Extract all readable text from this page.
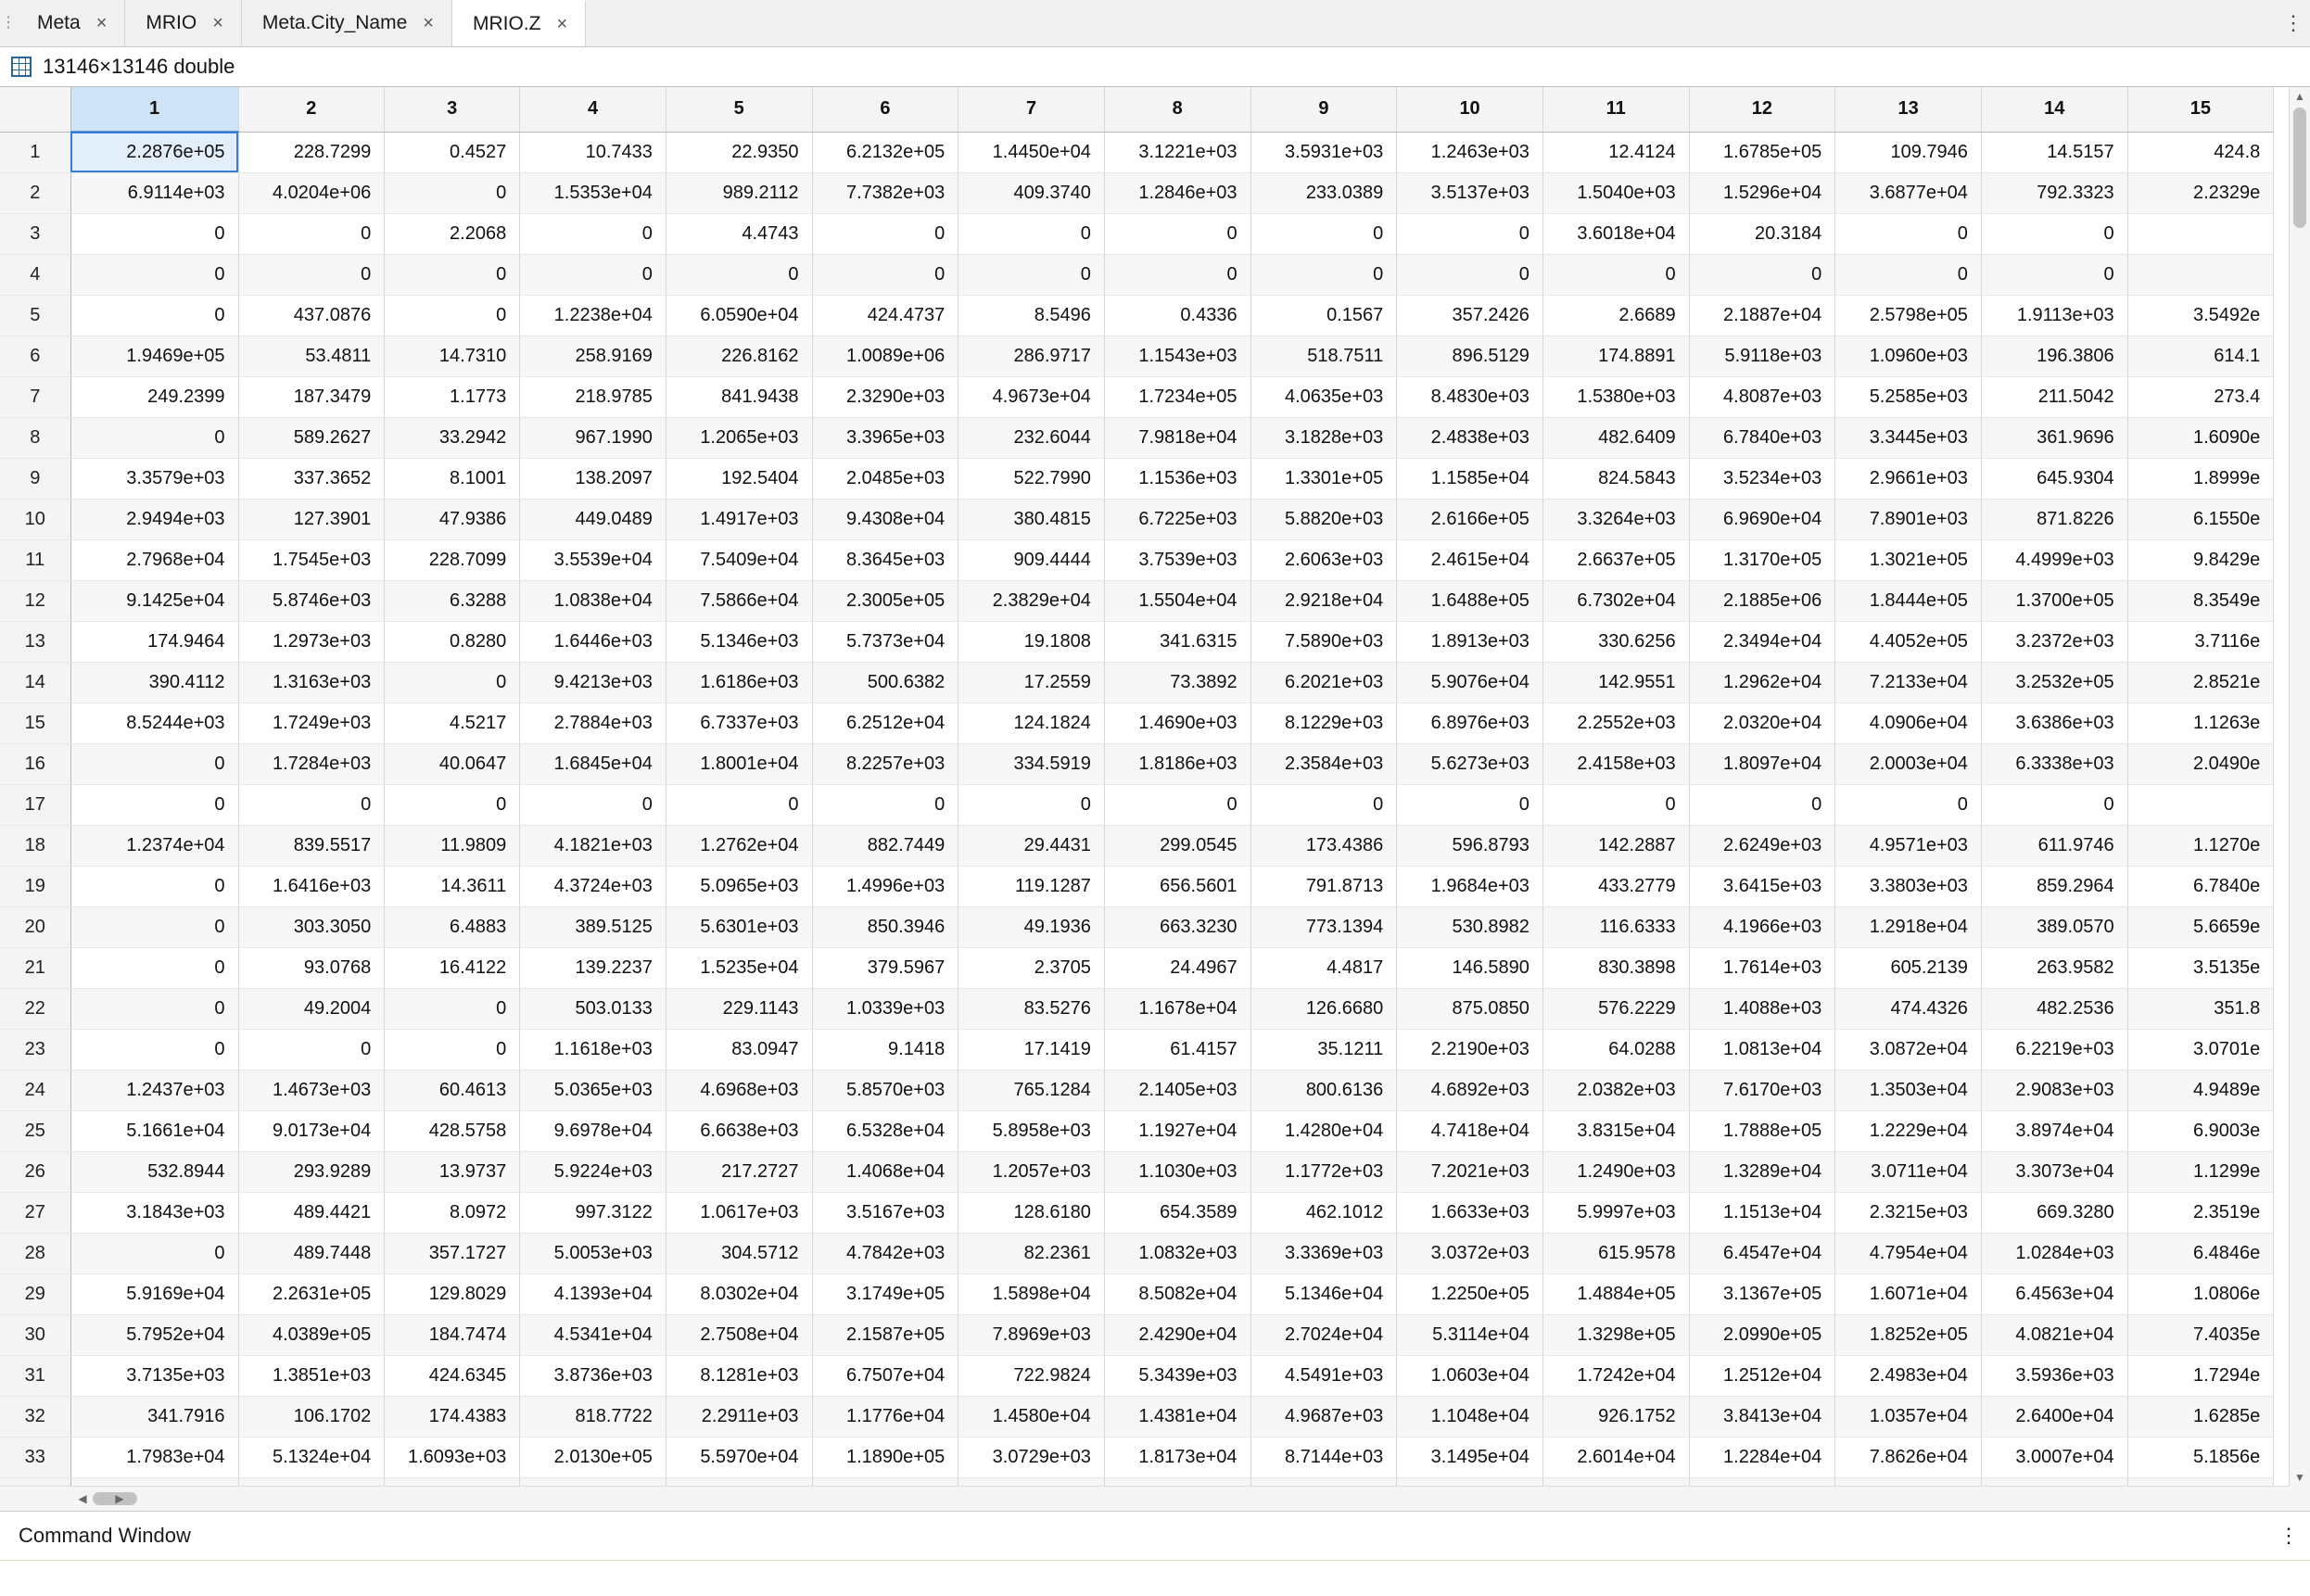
⋮ Meta × MRIO × Meta.City_Name × MRIO.Z ×
⋮
13146×13146 double
	1	2	3	4	5	6	7	8	9	10	11	12	13	14	15
1	2.2876e+05	228.7299	0.4527	10.7433	22.9350	6.2132e+05	1.4450e+04	3.1221e+03	3.5931e+03	1.2463e+03	12.4124	1.6785e+05	109.7946	14.5157	424.8
2	6.9114e+03	4.0204e+06	0	1.5353e+04	989.2112	7.7382e+03	409.3740	1.2846e+03	233.0389	3.5137e+03	1.5040e+03	1.5296e+04	3.6877e+04	792.3323	2.2329e
3	0	0	2.2068	0	4.4743	0	0	0	0	0	3.6018e+04	20.3184	0	0	
4	0	0	0	0	0	0	0	0	0	0	0	0	0	0	
5	0	437.0876	0	1.2238e+04	6.0590e+04	424.4737	8.5496	0.4336	0.1567	357.2426	2.6689	2.1887e+04	2.5798e+05	1.9113e+03	3.5492e
6	1.9469e+05	53.4811	14.7310	258.9169	226.8162	1.0089e+06	286.9717	1.1543e+03	518.7511	896.5129	174.8891	5.9118e+03	1.0960e+03	196.3806	614.1
7	249.2399	187.3479	1.1773	218.9785	841.9438	2.3290e+03	4.9673e+04	1.7234e+05	4.0635e+03	8.4830e+03	1.5380e+03	4.8087e+03	5.2585e+03	211.5042	273.4
8	0	589.2627	33.2942	967.1990	1.2065e+03	3.3965e+03	232.6044	7.9818e+04	3.1828e+03	2.4838e+03	482.6409	6.7840e+03	3.3445e+03	361.9696	1.6090e
9	3.3579e+03	337.3652	8.1001	138.2097	192.5404	2.0485e+03	522.7990	1.1536e+03	1.3301e+05	1.1585e+04	824.5843	3.5234e+03	2.9661e+03	645.9304	1.8999e
10	2.9494e+03	127.3901	47.9386	449.0489	1.4917e+03	9.4308e+04	380.4815	6.7225e+03	5.8820e+03	2.6166e+05	3.3264e+03	6.9690e+04	7.8901e+03	871.8226	6.1550e
11	2.7968e+04	1.7545e+03	228.7099	3.5539e+04	7.5409e+04	8.3645e+03	909.4444	3.7539e+03	2.6063e+03	2.4615e+04	2.6637e+05	1.3170e+05	1.3021e+05	4.4999e+03	9.8429e
12	9.1425e+04	5.8746e+03	6.3288	1.0838e+04	7.5866e+04	2.3005e+05	2.3829e+04	1.5504e+04	2.9218e+04	1.6488e+05	6.7302e+04	2.1885e+06	1.8444e+05	1.3700e+05	8.3549e
13	174.9464	1.2973e+03	0.8280	1.6446e+03	5.1346e+03	5.7373e+04	19.1808	341.6315	7.5890e+03	1.8913e+03	330.6256	2.3494e+04	4.4052e+05	3.2372e+03	3.7116e
14	390.4112	1.3163e+03	0	9.4213e+03	1.6186e+03	500.6382	17.2559	73.3892	6.2021e+03	5.9076e+04	142.9551	1.2962e+04	7.2133e+04	3.2532e+05	2.8521e
15	8.5244e+03	1.7249e+03	4.5217	2.7884e+03	6.7337e+03	6.2512e+04	124.1824	1.4690e+03	8.1229e+03	6.8976e+03	2.2552e+03	2.0320e+04	4.0906e+04	3.6386e+03	1.1263e
16	0	1.7284e+03	40.0647	1.6845e+04	1.8001e+04	8.2257e+03	334.5919	1.8186e+03	2.3584e+03	5.6273e+03	2.4158e+03	1.8097e+04	2.0003e+04	6.3338e+03	2.0490e
17	0	0	0	0	0	0	0	0	0	0	0	0	0	0	
18	1.2374e+04	839.5517	11.9809	4.1821e+03	1.2762e+04	882.7449	29.4431	299.0545	173.4386	596.8793	142.2887	2.6249e+03	4.9571e+03	611.9746	1.1270e
19	0	1.6416e+03	14.3611	4.3724e+03	5.0965e+03	1.4996e+03	119.1287	656.5601	791.8713	1.9684e+03	433.2779	3.6415e+03	3.3803e+03	859.2964	6.7840e
20	0	303.3050	6.4883	389.5125	5.6301e+03	850.3946	49.1936	663.3230	773.1394	530.8982	116.6333	4.1966e+03	1.2918e+04	389.0570	5.6659e
21	0	93.0768	16.4122	139.2237	1.5235e+04	379.5967	2.3705	24.4967	4.4817	146.5890	830.3898	1.7614e+03	605.2139	263.9582	3.5135e
22	0	49.2004	0	503.0133	229.1143	1.0339e+03	83.5276	1.1678e+04	126.6680	875.0850	576.2229	1.4088e+03	474.4326	482.2536	351.8
23	0	0	0	1.1618e+03	83.0947	9.1418	17.1419	61.4157	35.1211	2.2190e+03	64.0288	1.0813e+04	3.0872e+04	6.2219e+03	3.0701e
24	1.2437e+03	1.4673e+03	60.4613	5.0365e+03	4.6968e+03	5.8570e+03	765.1284	2.1405e+03	800.6136	4.6892e+03	2.0382e+03	7.6170e+03	1.3503e+04	2.9083e+03	4.9489e
25	5.1661e+04	9.0173e+04	428.5758	9.6978e+04	6.6638e+03	6.5328e+04	5.8958e+03	1.1927e+04	1.4280e+04	4.7418e+04	3.8315e+04	1.7888e+05	1.2229e+04	3.8974e+04	6.9003e
26	532.8944	293.9289	13.9737	5.9224e+03	217.2727	1.4068e+04	1.2057e+03	1.1030e+03	1.1772e+03	7.2021e+03	1.2490e+03	1.3289e+04	3.0711e+04	3.3073e+04	1.1299e
27	3.1843e+03	489.4421	8.0972	997.3122	1.0617e+03	3.5167e+03	128.6180	654.3589	462.1012	1.6633e+03	5.9997e+03	1.1513e+04	2.3215e+03	669.3280	2.3519e
28	0	489.7448	357.1727	5.0053e+03	304.5712	4.7842e+03	82.2361	1.0832e+03	3.3369e+03	3.0372e+03	615.9578	6.4547e+04	4.7954e+04	1.0284e+03	6.4846e
29	5.9169e+04	2.2631e+05	129.8029	4.1393e+04	8.0302e+04	3.1749e+05	1.5898e+04	8.5082e+04	5.1346e+04	1.2250e+05	1.4884e+05	3.1367e+05	1.6071e+04	6.4563e+04	1.0806e
30	5.7952e+04	4.0389e+05	184.7474	4.5341e+04	2.7508e+04	2.1587e+05	7.8969e+03	2.4290e+04	2.7024e+04	5.3114e+04	1.3298e+05	2.0990e+05	1.8252e+05	4.0821e+04	7.4035e
31	3.7135e+03	1.3851e+03	424.6345	3.8736e+03	8.1281e+03	6.7507e+04	722.9824	5.3439e+03	4.5491e+03	1.0603e+04	1.7242e+04	1.2512e+04	2.4983e+04	3.5936e+03	1.7294e
32	341.7916	106.1702	174.4383	818.7722	2.2911e+03	1.1776e+04	1.4580e+04	1.4381e+04	4.9687e+03	1.1048e+04	926.1752	3.8413e+04	1.0357e+04	2.6400e+04	1.6285e
33	1.7983e+04	5.1324e+04	1.6093e+03	2.0130e+05	5.5970e+04	1.1890e+05	3.0729e+03	1.8173e+04	8.7144e+03	3.1495e+04	2.6014e+04	1.2284e+04	7.8626e+04	3.0007e+04	5.1856e

▲
▼
◀	▶
Command Window
⋮
